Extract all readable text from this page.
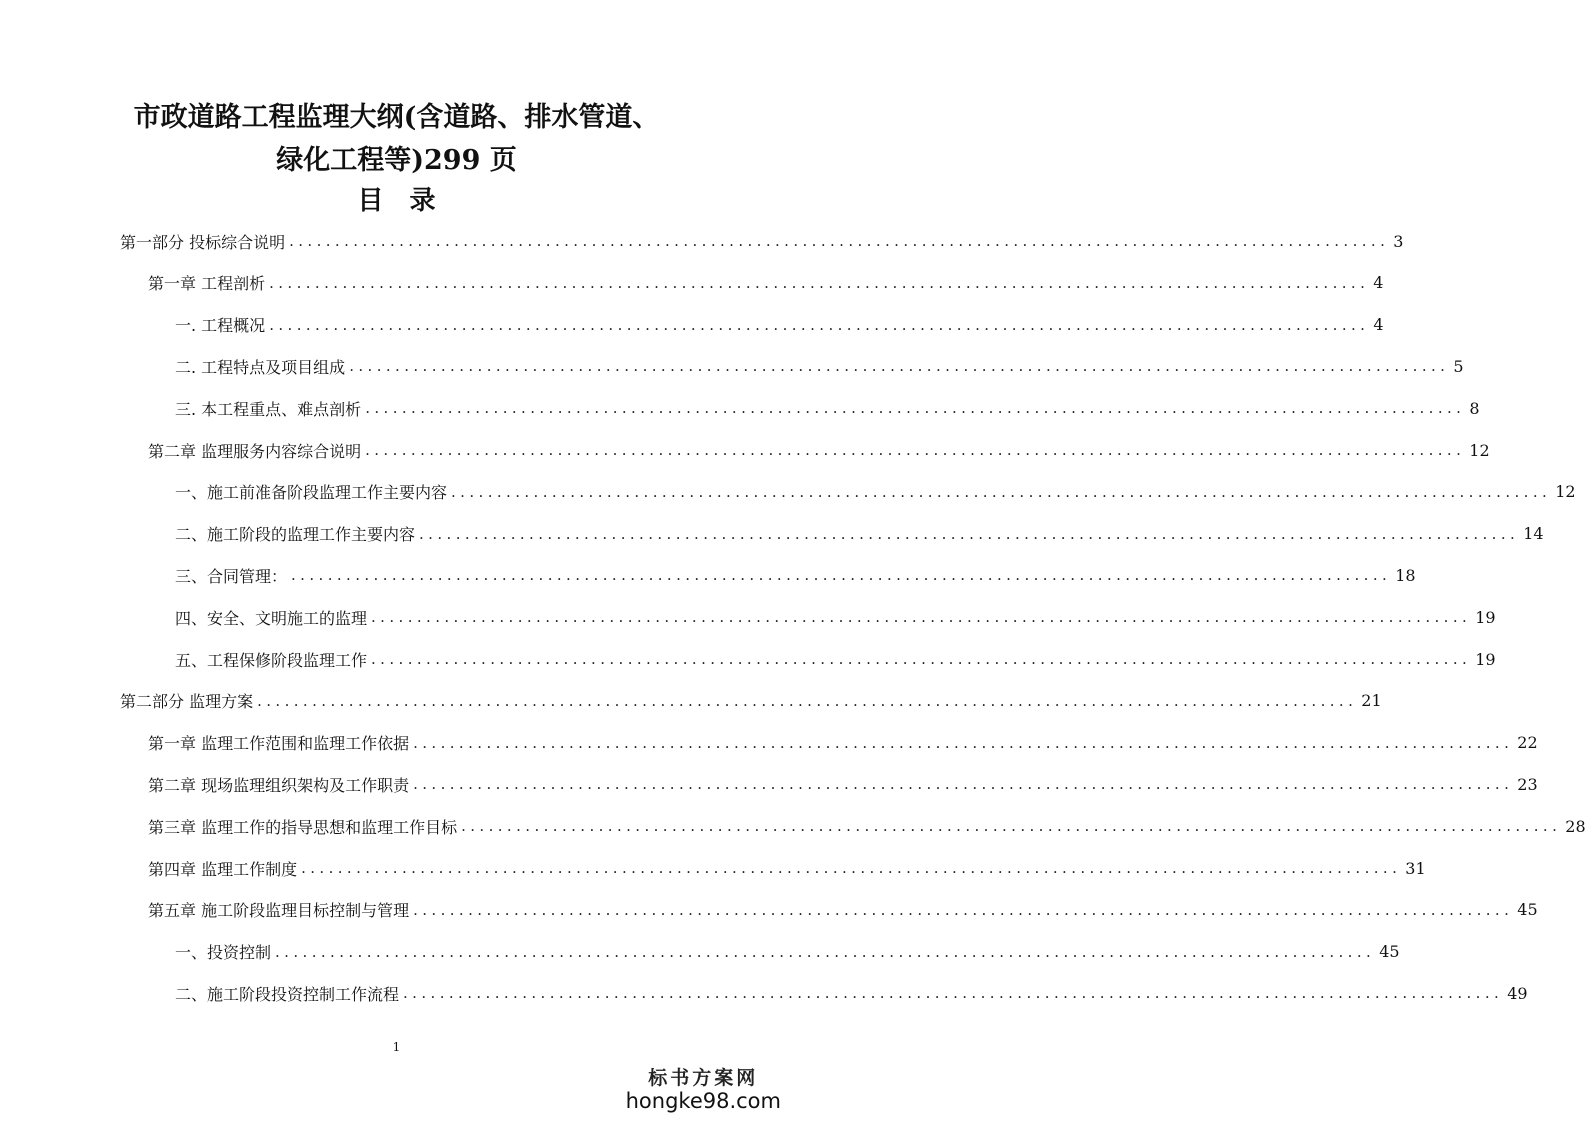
市政道路工程监理大纲(含道路、排水管道、
绿化工程等)299 页
目录
第一部分 投标综合说明 ........................................................................................................................ 3
第一章 工程剖析 ........................................................................................................................ 4
一. 工程概况 ........................................................................................................................ 4
二. 工程特点及项目组成 ........................................................................................................................ 5
三. 本工程重点、难点剖析 ........................................................................................................................ 8
第二章 监理服务内容综合说明 ........................................................................................................................ 12
一、施工前准备阶段监理工作主要内容 ........................................................................................................................ 12
二、施工阶段的监理工作主要内容 ........................................................................................................................ 14
三、合同管理： ........................................................................................................................ 18
四、安全、文明施工的监理 ........................................................................................................................ 19
五、工程保修阶段监理工作 ........................................................................................................................ 19
第二部分 监理方案 ........................................................................................................................ 21
第一章 监理工作范围和监理工作依据 ........................................................................................................................ 22
第二章 现场监理组织架构及工作职责 ........................................................................................................................ 23
第三章 监理工作的指导思想和监理工作目标 ........................................................................................................................ 28
第四章 监理工作制度 ........................................................................................................................ 31
第五章 施工阶段监理目标控制与管理 ........................................................................................................................ 45
一、投资控制 ........................................................................................................................ 45
二、施工阶段投资控制工作流程 ........................................................................................................................ 49
1
标书方案网
hongke98.com
